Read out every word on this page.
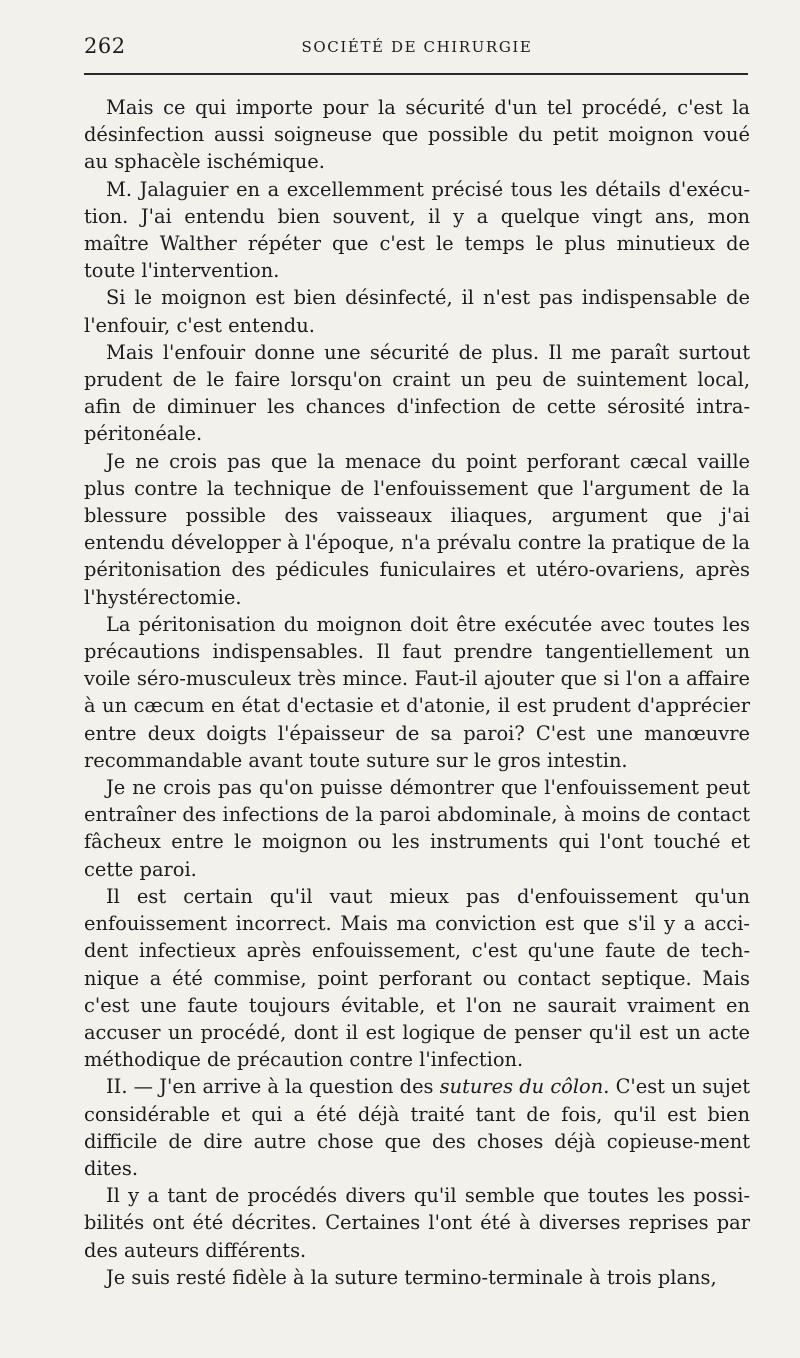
262	SOCIÉTÉ DE CHIRURGIE

Mais ce qui importe pour la sécurité d'un tel procédé, c'est la désinfection aussi soigneuse que possible du petit moignon voué au sphacèle ischémique.

M. Jalaguier en a excellemment précisé tous les détails d'exécu-tion. J'ai entendu bien souvent, il y a quelque vingt ans, mon maître Walther répéter que c'est le temps le plus minutieux de toute l'intervention.

Si le moignon est bien désinfecté, il n'est pas indispensable de l'enfouir, c'est entendu.

Mais l'enfouir donne une sécurité de plus. Il me paraît surtout prudent de le faire lorsqu'on craint un peu de suintement local, afin de diminuer les chances d'infection de cette sérosité intra-péritonéale.

Je ne crois pas que la menace du point perforant cæcal vaille plus contre la technique de l'enfouissement que l'argument de la blessure possible des vaisseaux iliaques, argument que j'ai entendu développer à l'époque, n'a prévalu contre la pratique de la péritonisation des pédicules funiculaires et utéro-ovariens, après l'hystérectomie.

La péritonisation du moignon doit être exécutée avec toutes les précautions indispensables. Il faut prendre tangentiellement un voile séro-musculeux très mince. Faut-il ajouter que si l'on a affaire à un cæcum en état d'ectasie et d'atonie, il est prudent d'apprécier entre deux doigts l'épaisseur de sa paroi? C'est une manœuvre recommandable avant toute suture sur le gros intestin.

Je ne crois pas qu'on puisse démontrer que l'enfouissement peut entraîner des infections de la paroi abdominale, à moins de contact fâcheux entre le moignon ou les instruments qui l'ont touché et cette paroi.

Il est certain qu'il vaut mieux pas d'enfouissement qu'un enfouissement incorrect. Mais ma conviction est que s'il y a acci-dent infectieux après enfouissement, c'est qu'une faute de tech-nique a été commise, point perforant ou contact septique. Mais c'est une faute toujours évitable, et l'on ne saurait vraiment en accuser un procédé, dont il est logique de penser qu'il est un acte méthodique de précaution contre l'infection.

II. — J'en arrive à la question des sutures du côlon. C'est un sujet considérable et qui a été déjà traité tant de fois, qu'il est bien difficile de dire autre chose que des choses déjà copieuse-ment dites.

Il y a tant de procédés divers qu'il semble que toutes les possi-bilités ont été décrites. Certaines l'ont été à diverses reprises par des auteurs différents.

Je suis resté fidèle à la suture termino-terminale à trois plans,
